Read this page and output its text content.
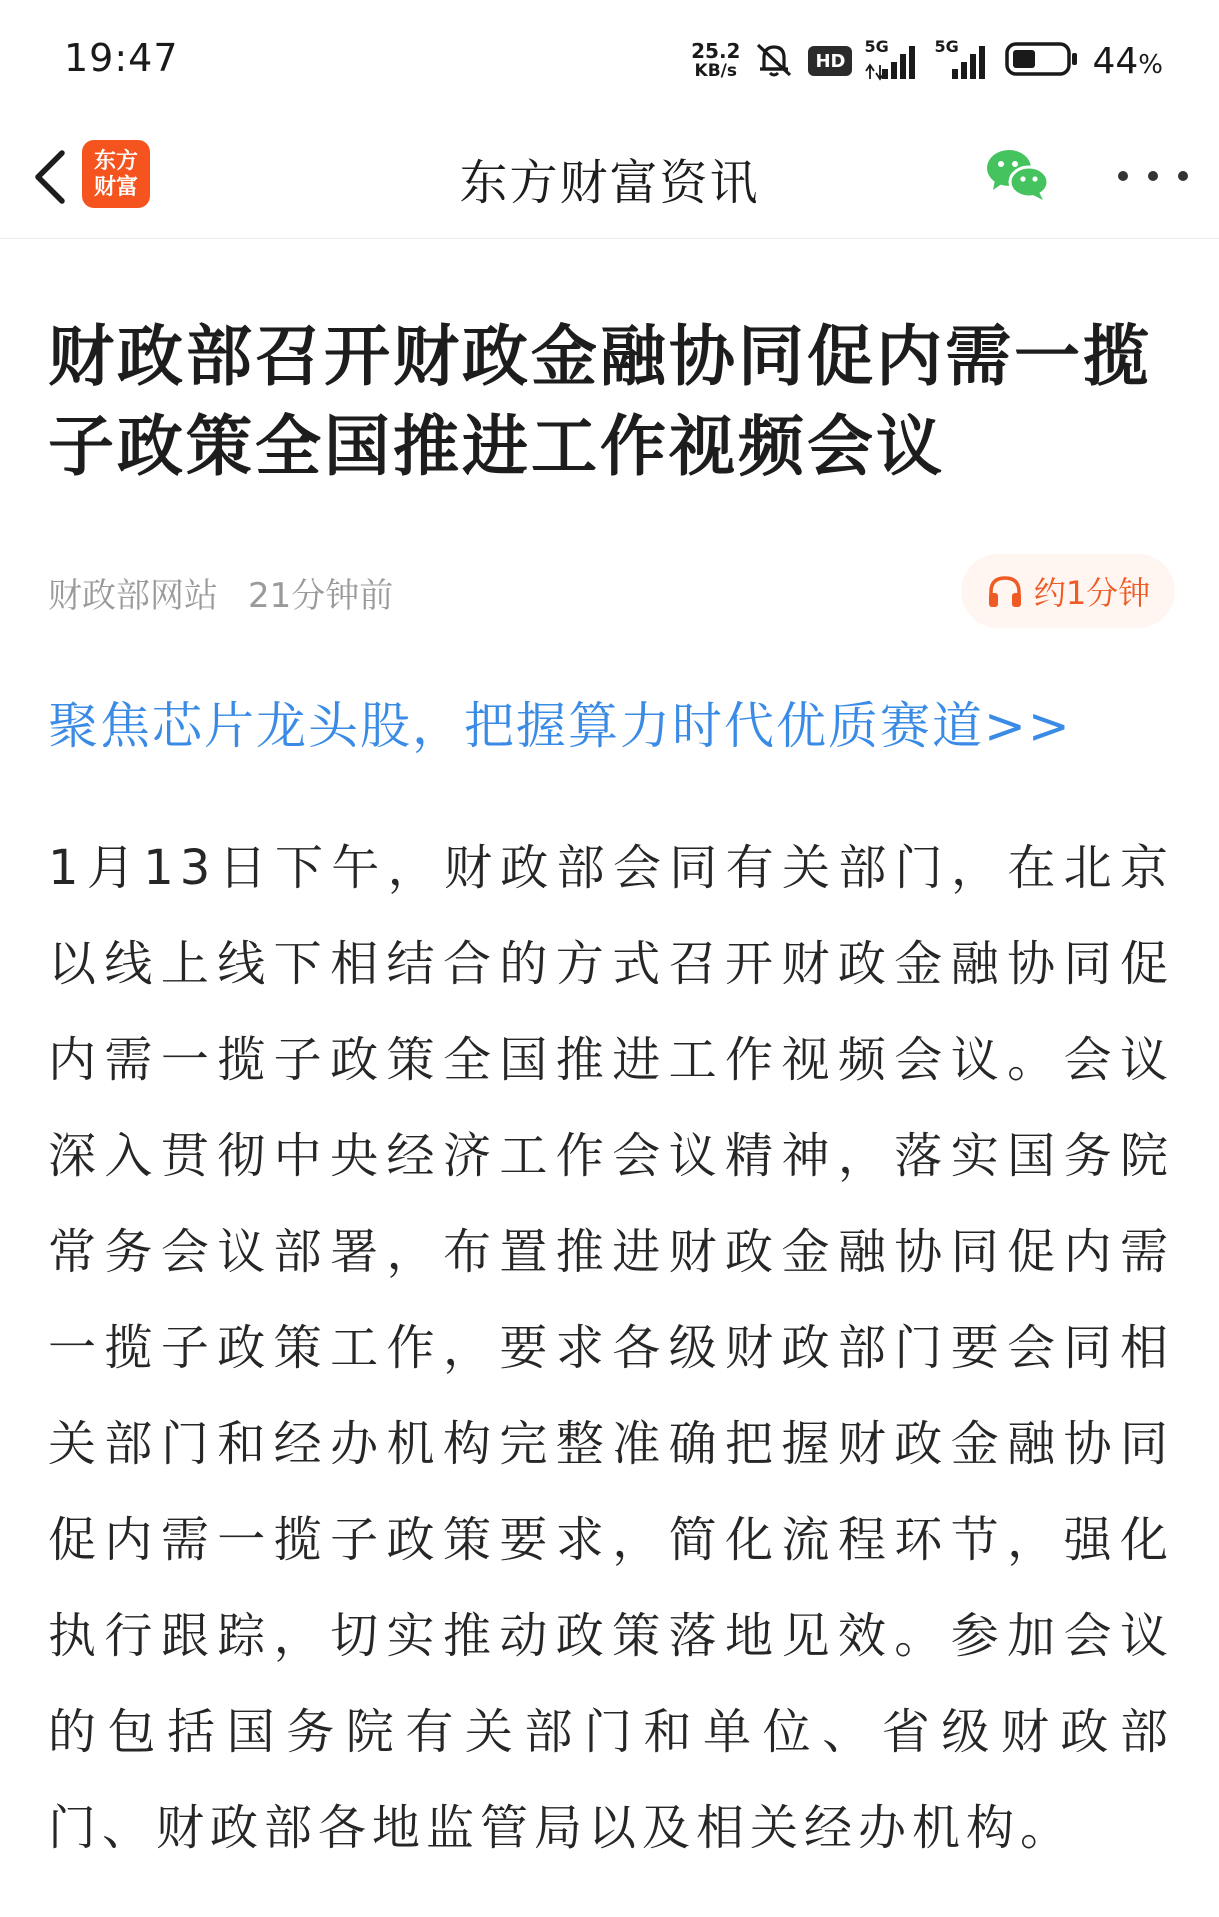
19:47	25.2
KB/s	HD
5G	5G	44%
东方
财富	东方财富资讯
财政部召开财政金融协同促内需一揽子政策全国推进工作视频会议
财政部网站 21分钟前	约1分钟
聚焦芯片龙头股，把握算力时代优质赛道>>

1月13日下午，财政部会同有关部门，在北京以线上线下相结合的方式召开财政金融协同促内需一揽子政策全国推进工作视频会议。会议深入贯彻中央经济工作会议精神，落实国务院常务会议部署，布置推进财政金融协同促内需一揽子政策工作，要求各级财政部门要会同相关部门和经办机构完整准确把握财政金融协同促内需一揽子政策要求，简化流程环节，强化执行跟踪，切实推动政策落地见效。参加会议的包括国务院有关部门和单位、省级财政部门、财政部各地监管局以及相关经办机构。
